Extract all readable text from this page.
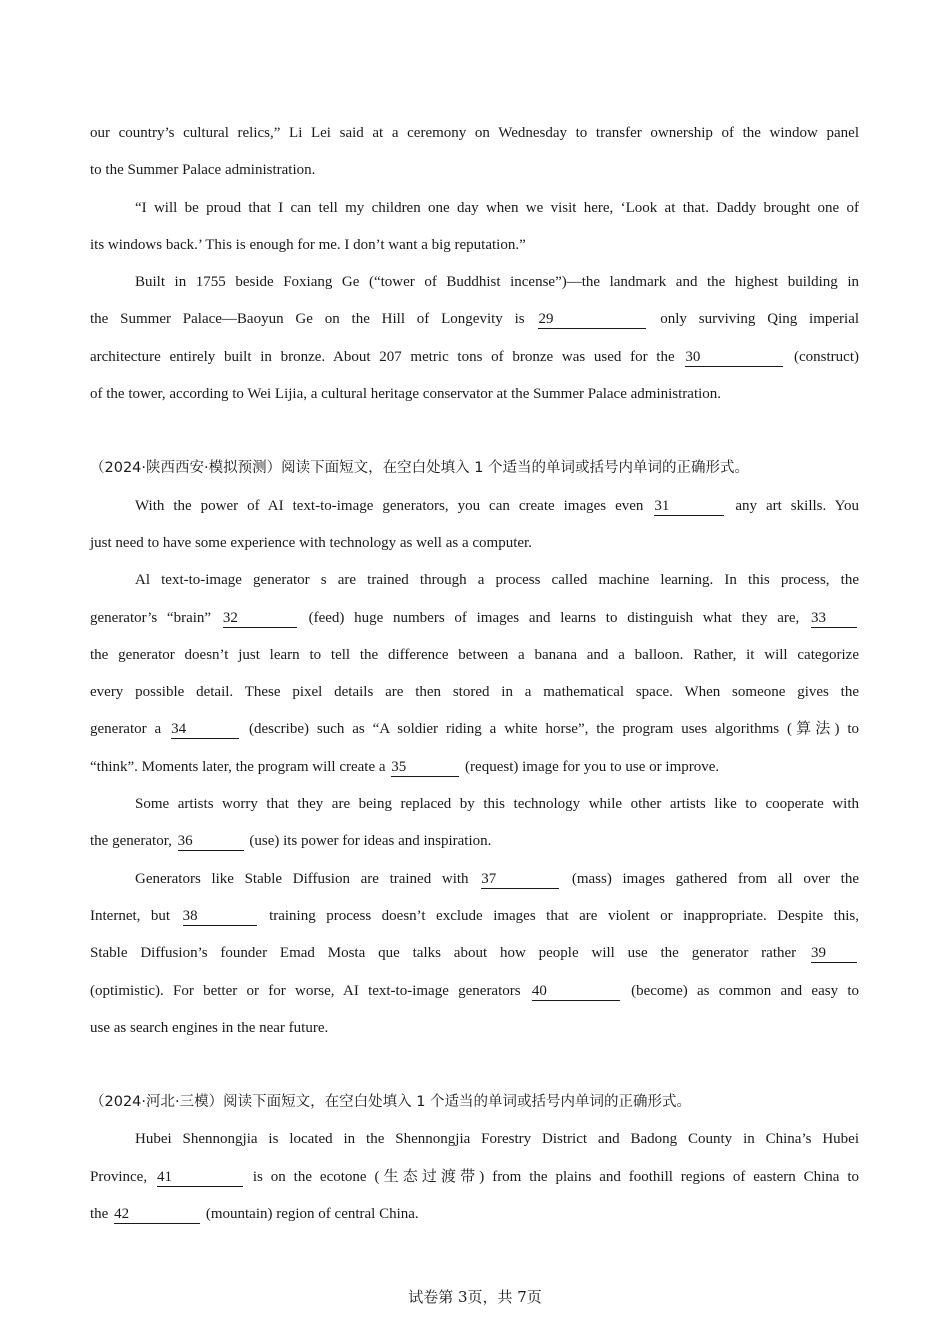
our country’s cultural relics,” Li Lei said at a ceremony on Wednesday to transfer ownership of the window panel

to the Summer Palace administration.

“I will be proud that I can tell my children one day when we visit here, ‘Look at that. Daddy brought one of

its windows back.’ This is enough for me. I don’t want a big reputation.”

Built in 1755 beside Foxiang Ge (“tower of Buddhist incense”)—the landmark and the highest building in

the Summer Palace—Baoyun Ge on the Hill of Longevity is 29	only surviving Qing imperial

architecture entirely built in bronze. About 207 metric tons of bronze was used for the 30	(construct)

of the tower, according to Wei Lijia, a cultural heritage conservator at the Summer Palace administration.

（2024·陕西西安·模拟预测）阅读下面短文，在空白处填入 1 个适当的单词或括号内单词的正确形式。

With the power of AI text-to-image generators, you can create images even 31	any art skills. You

just need to have some experience with technology as well as a computer.

Al text-to-image generator s are trained through a process called machine learning. In this process, the

generator’s “brain” 32	(feed) huge numbers of images and learns to distinguish what they are, 33

the generator doesn’t just learn to tell the difference between a banana and a balloon. Rather, it will categorize

every possible detail. These pixel details are then stored in a mathematical space. When someone gives the

generator a 34	(describe) such as “A soldier riding a white horse”, the program uses algorithms (算法) to

“think”. Moments later, the program will create a 35	(request) image for you to use or improve.

Some artists worry that they are being replaced by this technology while other artists like to cooperate with

the generator, 36	(use) its power for ideas and inspiration.

Generators like Stable Diffusion are trained with 37	(mass) images gathered from all over the

Internet, but 38	training process doesn’t exclude images that are violent or inappropriate. Despite this,

Stable Diffusion’s founder Emad Mosta que talks about how people will use the generator rather 39

(optimistic). For better or for worse, AI text-to-image generators 40	(become) as common and easy to

use as search engines in the near future.

（2024·河北·三模）阅读下面短文，在空白处填入 1 个适当的单词或括号内单词的正确形式。

Hubei Shennongjia is located in the Shennongjia Forestry District and Badong County in China’s Hubei

Province, 41	is on the ecotone (生态过渡带) from the plains and foothill regions of eastern China to

the 42	(mountain) region of central China.

试卷第 3页，共 7页
